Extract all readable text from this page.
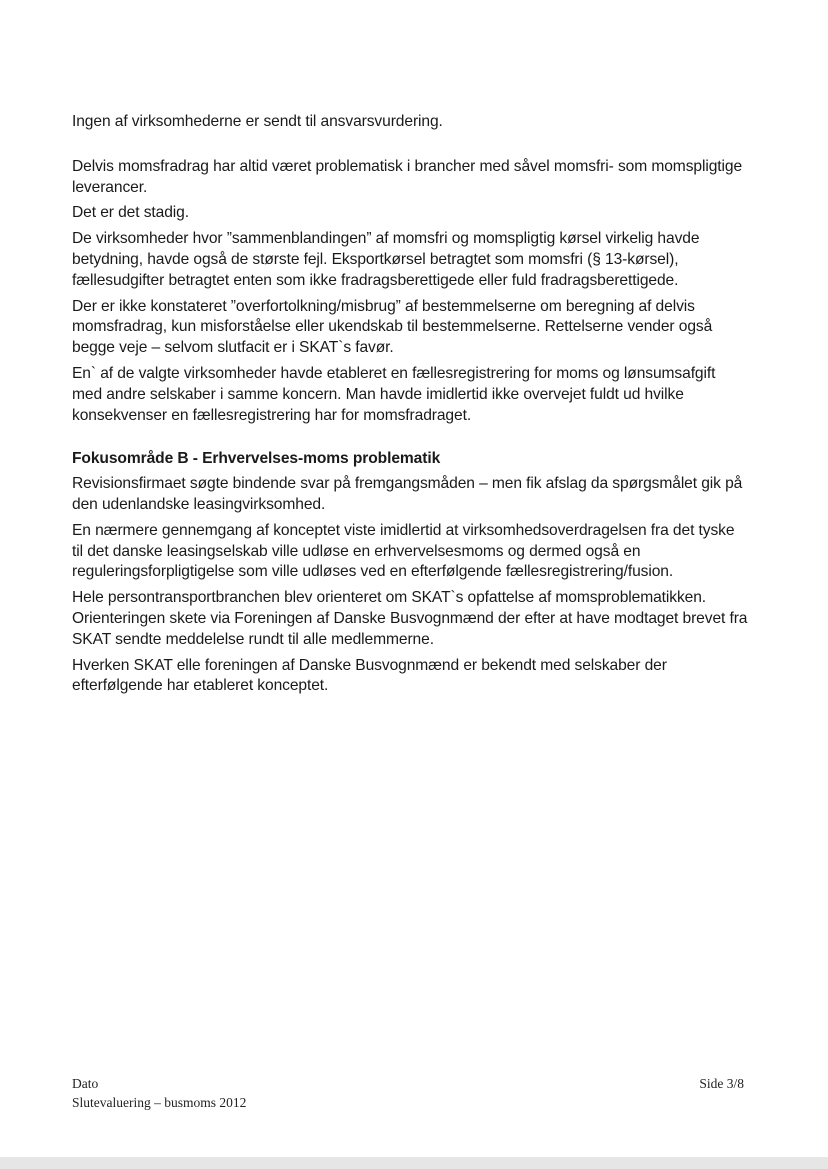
Ingen af virksomhederne er sendt til ansvarsvurdering.

Delvis momsfradrag har altid været problematisk i brancher med såvel momsfri- som momspligtige leverancer.

Det er det stadig.

De virksomheder hvor ”sammenblandingen” af momsfri og momspligtig kørsel virkelig havde betydning, havde også de største fejl. Eksportkørsel betragtet som momsfri (§ 13-kørsel), fællesudgifter betragtet enten som ikke fradragsberettigede eller fuld fradragsberettigede.

Der er ikke konstateret ”overfortolkning/misbrug” af bestemmelserne om beregning af delvis momsfradrag, kun misforståelse eller ukendskab til bestemmelserne. Rettelserne vender også begge veje – selvom slutfacit er i SKAT`s favør.

En` af de valgte virksomheder havde etableret en fællesregistrering for moms og lønsumsafgift med andre selskaber i samme koncern. Man havde imidlertid ikke overvejet fuldt ud hvilke konsekvenser en fællesregistrering har for momsfradraget.

Fokusområde B - Erhvervelses-moms problematik

Revisionsfirmaet søgte bindende svar på fremgangsmåden – men fik afslag da spørgsmålet gik på den udenlandske leasingvirksomhed.

En nærmere gennemgang af konceptet viste imidlertid at virksomhedsoverdragelsen fra det tyske til det danske leasingselskab ville udløse en erhvervelsesmoms og dermed også en reguleringsforpligtigelse som ville udløses ved en efterfølgende fællesregistrering/fusion.

Hele persontransportbranchen blev orienteret om SKAT`s opfattelse af momsproblematikken. Orienteringen skete via Foreningen af Danske Busvognmænd der efter at have modtaget brevet fra SKAT sendte meddelelse rundt til alle medlemmerne.

Hverken SKAT elle foreningen af Danske Busvognmænd er bekendt med selskaber der efterfølgende har etableret konceptet.

Dato
Slutevaluering – busmoms 2012
Side 3/8
